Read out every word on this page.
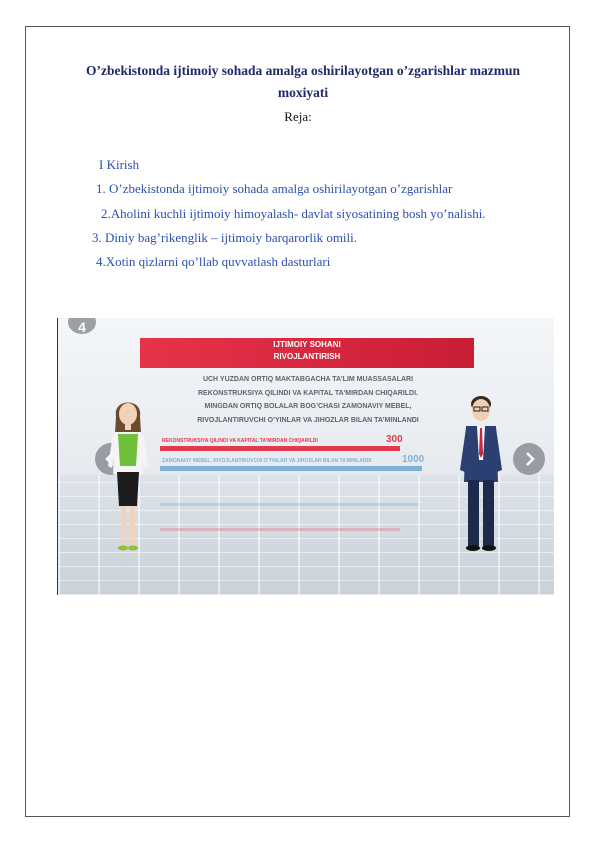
O’zbekistonda ijtimoiy sohada amalga oshirilayotgan o’zgarishlar mazmun moxiyati
Reja:
I Kirish
1. O’zbekistonda ijtimoiy sohada amalga oshirilayotgan o’zgarishlar
2.Aholini kuchli ijtimoiy himoyalash- davlat siyosatining bosh yo’nalishi.
3. Diniy bag’rikenglik – ijtimoiy barqarorlik omili.
4.Xotin qizlarni qo’llab quvvatlash dasturlari
4
IJTIMOIY SOHANI
RIVOJLANTIRISH
UCH YUZDAN ORTIQ MAKTABGACHA TA’LIM MUASSASALARI
REKONSTRUKSIYA QILINDI VA KAPITAL TA’MIRDAN CHIQARILDI.
MINGDAN ORTIQ BOLALAR BOG’CHASI ZAMONAVIY MEBEL,
RIVOJLANTIRUVCHI O’YINLAR VA JIHOZLAR BILAN TA’MINLANDI
REKONSTRUKSIYA QILINDI VA KAPITAL TA’MIRDAN CHIQARILDI	300
ZAMONAVIY MEBEL, RIVOJLANTIRUVCHI O’YINLAR VA JIHOZLAR BILAN TA’MINLANDI	1000
